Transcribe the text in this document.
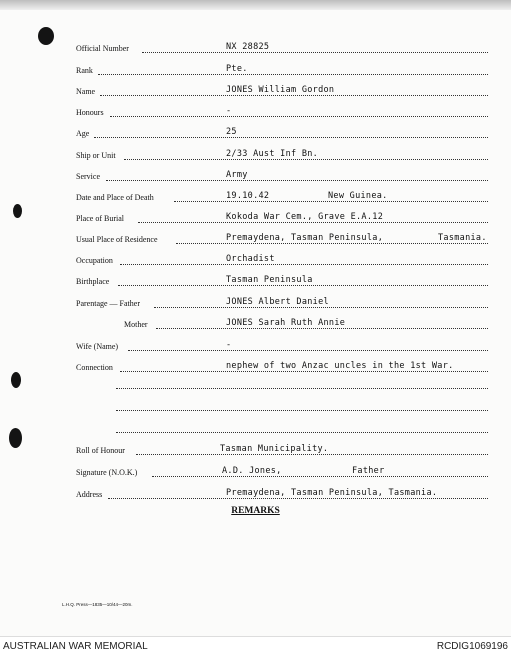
Official Number	NX 28825
Rank	Pte.
Name	JONES William Gordon
Honours	-
Age	25
Ship or Unit	2/33 Aust Inf Bn.
Service	Army
Date and Place of Death	19.10.42	New Guinea.
Place of Burial	Kokoda War Cem., Grave E.A.12
Usual Place of Residence	Premaydena, Tasman Peninsula,	Tasmania.
Occupation	Orchadist
Birthplace	Tasman Peninsula
Parentage — Father	JONES Albert Daniel
Mother	JONES Sarah Ruth Annie
Wife (Name)	-
Connection	nephew of two Anzac uncles in the 1st War.
Roll of Honour	Tasman Municipality.
Signature (N.O.K.)	A.D. Jones,	Father
Address	Premaydena, Tasman Peninsula, Tasmania.
REMARKS
L.H.Q. Press—1835—10/44—20m.
AUSTRALIAN WAR MEMORIAL	RCDIG1069196
